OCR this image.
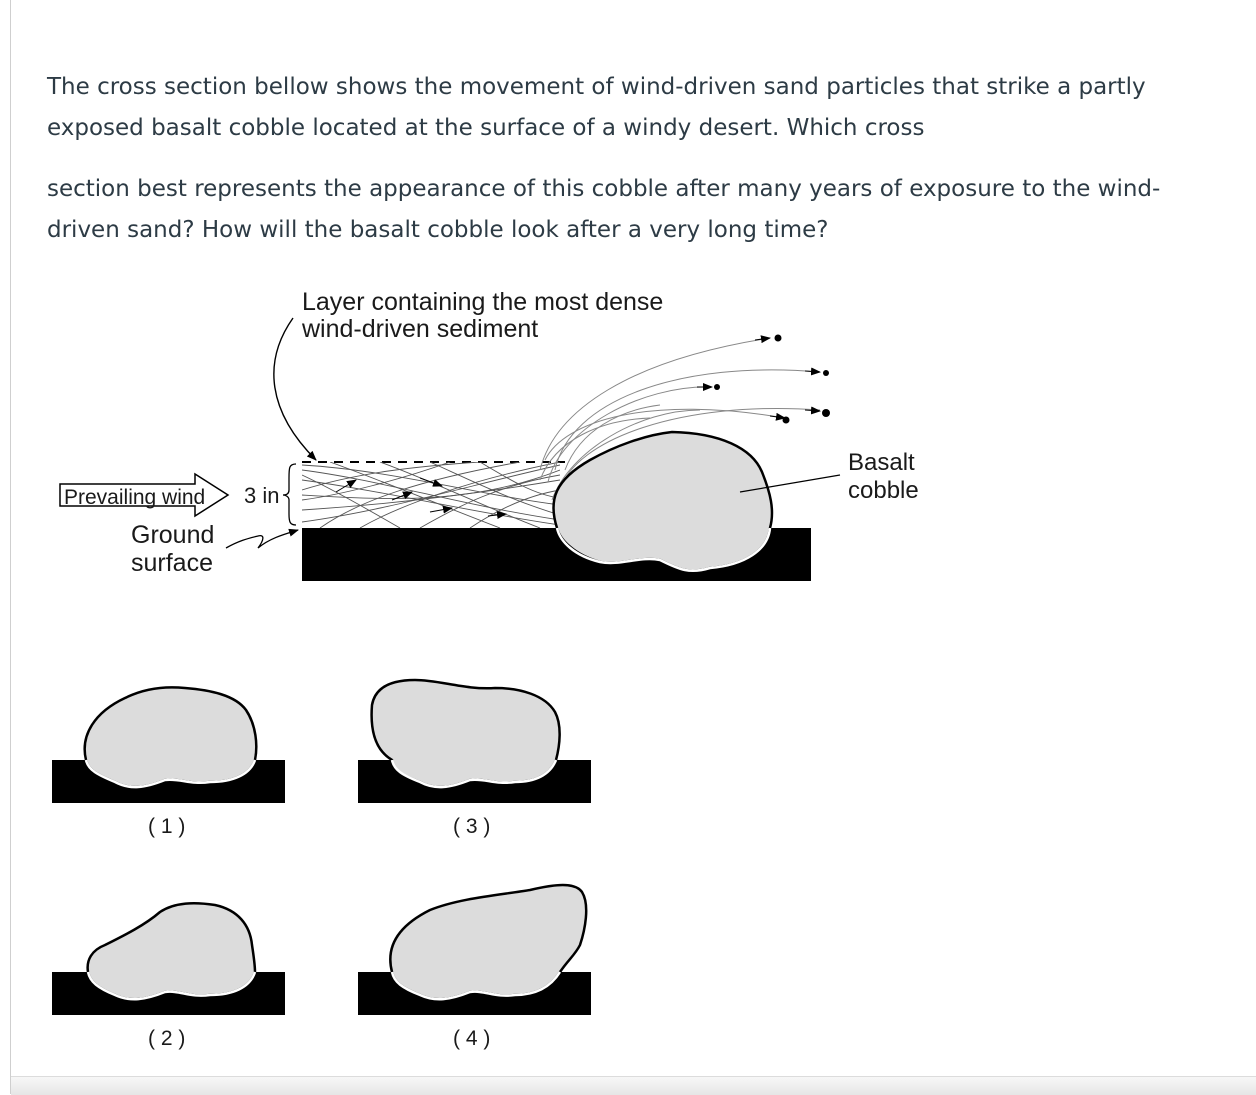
The cross section bellow shows the movement of wind-driven sand particles that strike a partly exposed basalt cobble located at the surface of a windy desert. Which cross

section best represents the appearance of this cobble after many years of exposure to the wind-driven sand? How will the basalt cobble look after a very long time?

Layer containing the most dense
wind-driven sediment
Basalt
cobble
Prevailing wind 3 in
Ground
surface
( 1 )	( 3 )
( 2 )	( 4 )
